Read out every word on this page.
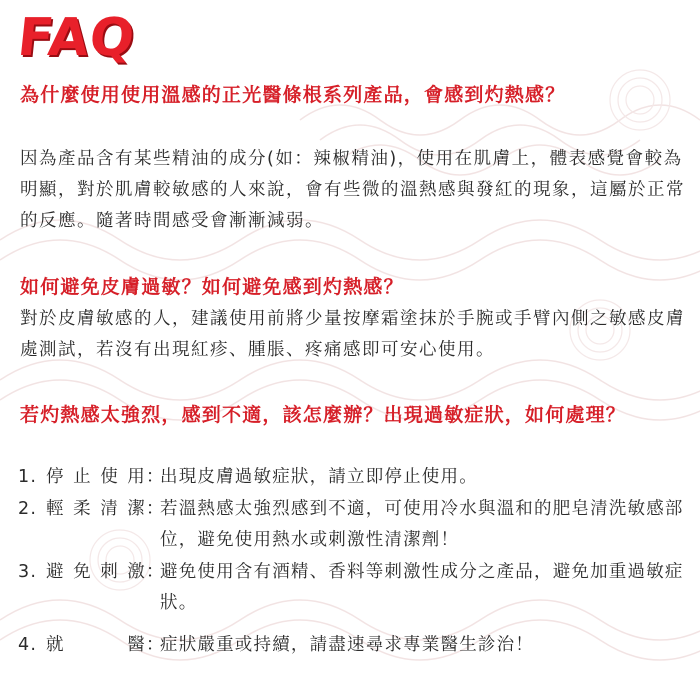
FAQ
為什麼使用使用溫感的正光醫條根系列產品，會感到灼熱感？
因為產品含有某些精油的成分(如：辣椒精油)，使用在肌膚上，體表感覺會較為明顯，對於肌膚較敏感的人來說，會有些微的溫熱感與發紅的現象，這屬於正常的反應。隨著時間感受會漸漸減弱。
如何避免皮膚過敏？如何避免感到灼熱感？
對於皮膚敏感的人，建議使用前將少量按摩霜塗抹於手腕或手臂內側之敏感皮膚處測試，若沒有出現紅疹、腫脹、疼痛感即可安心使用。
若灼熱感太強烈，感到不適，該怎麼辦？出現過敏症狀，如何處理？
1. 停 止 使 用 ：
出現皮膚過敏症狀，請立即停止使用。
2. 輕 柔 清 潔 ：
若溫熱感太強烈感到不適，可使用冷水與溫和的肥皂清洗敏感部位，避免使用熱水或刺激性清潔劑！
3. 避 免 刺 激 ：
避免使用含有酒精、香料等刺激性成分之產品，避免加重過敏症狀。
4. 就	醫 ：
症狀嚴重或持續，請盡速尋求專業醫生診治！
